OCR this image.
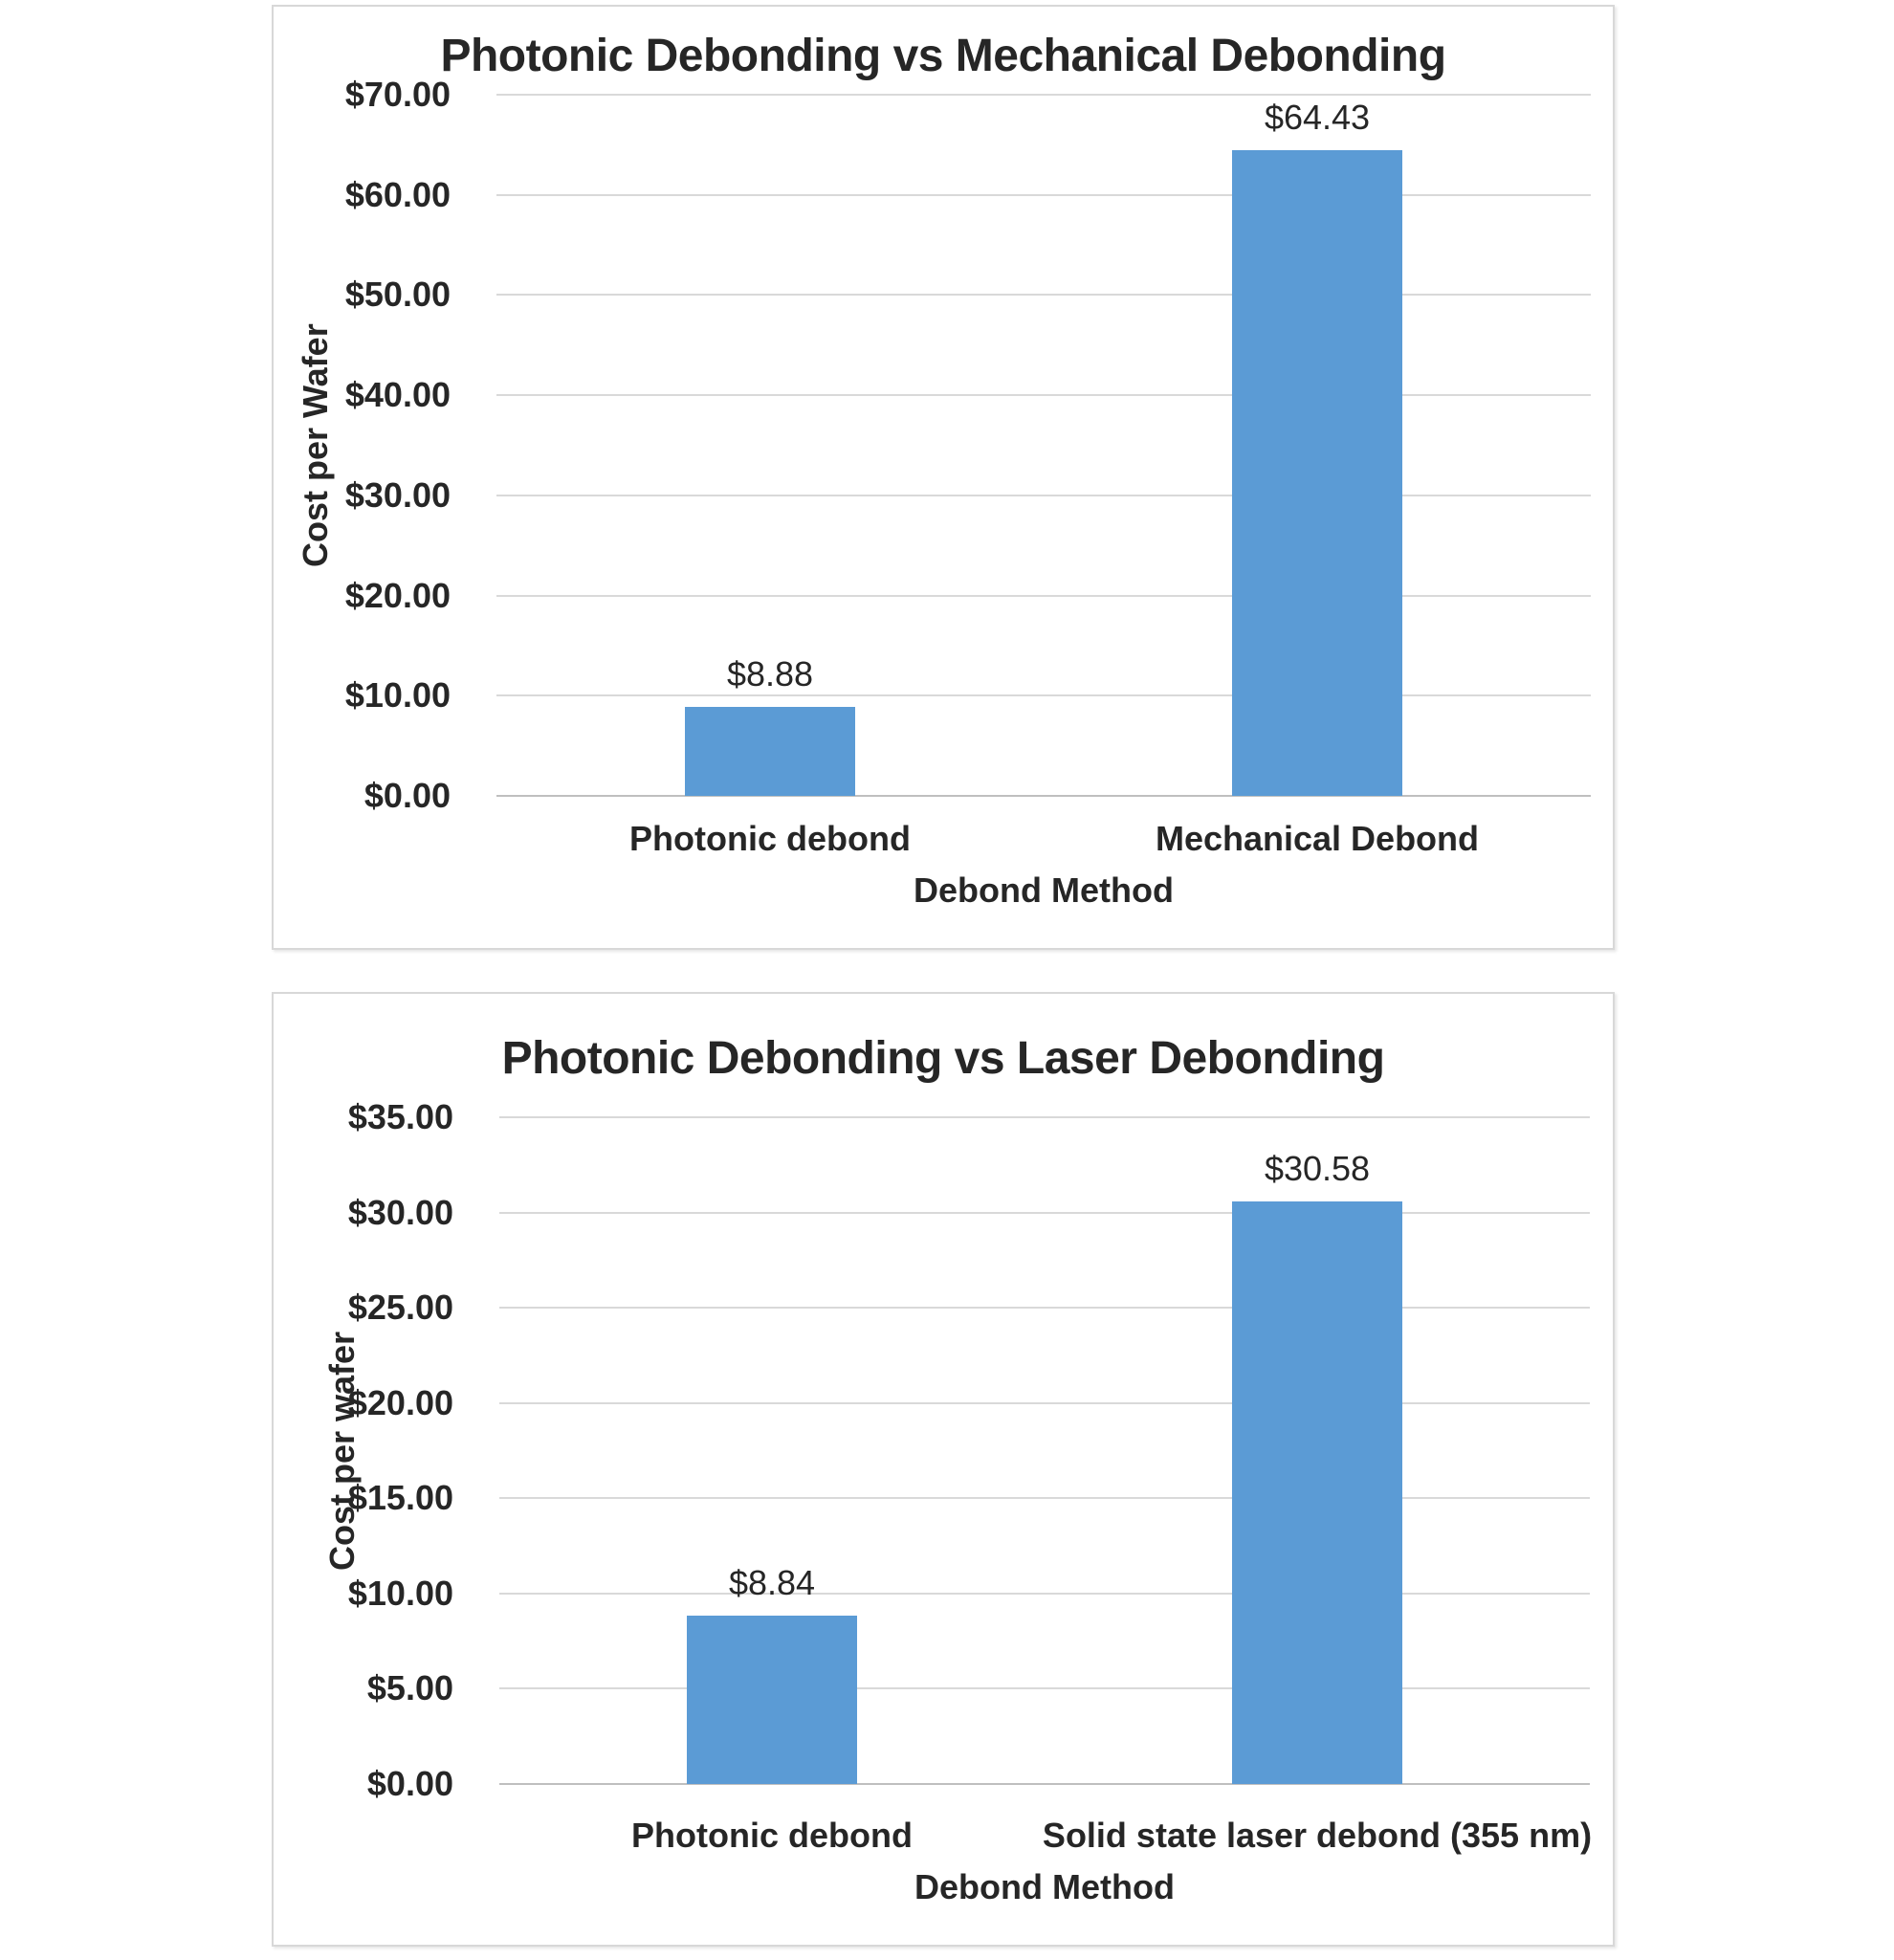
Photonic Debonding vs Mechanical Debonding
Cost per Wafer
$0.00
$10.00
$20.00
$30.00
$40.00
$50.00
$60.00
$70.00
$8.88
$64.43
Photonic debond	Mechanical Debond
Debond Method
Photonic Debonding vs Laser Debonding
Cost per wafer
$0.00
$5.00
$10.00
$15.00
$20.00
$25.00
$30.00
$35.00
$8.84
$30.58
Photonic debond	Solid state laser debond (355 nm)
Debond Method
